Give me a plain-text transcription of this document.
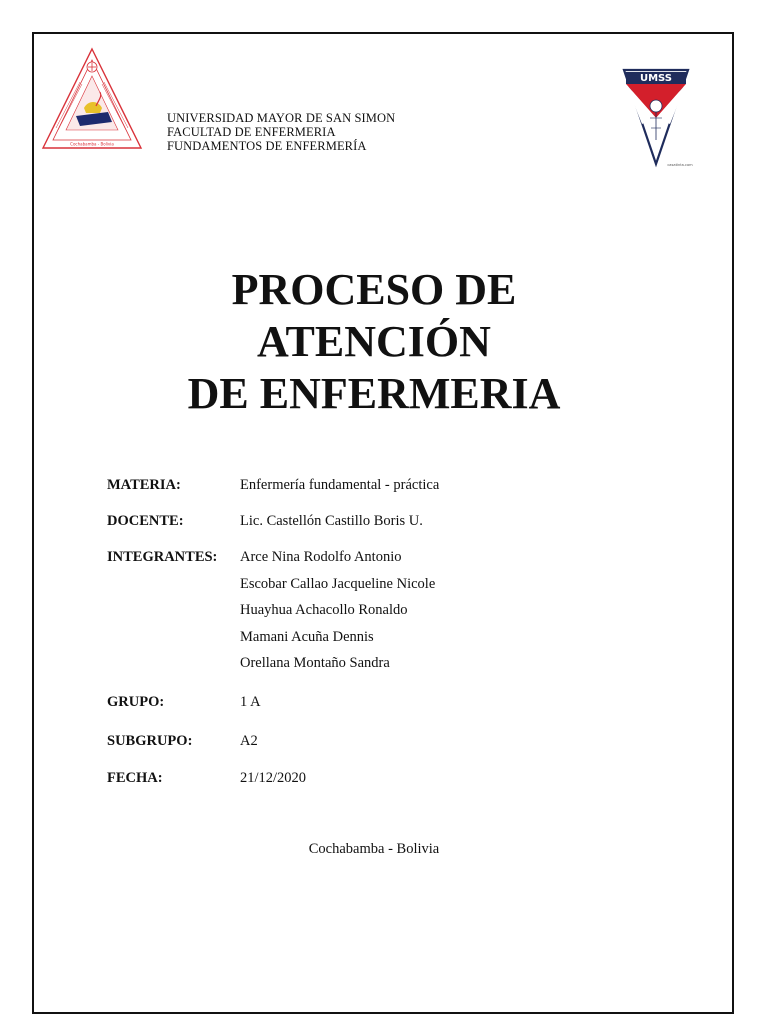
Cochabamba - Bolivia
UMSS
casatinta.com
UNIVERSIDAD MAYOR DE SAN SIMON
FACULTAD DE ENFERMERIA
FUNDAMENTOS DE ENFERMERÍA
PROCESO DE
ATENCIÓN
DE ENFERMERIA
MATERIA:	Enfermería fundamental - práctica
DOCENTE:	Lic. Castellón Castillo Boris U.
INTEGRANTES: Arce Nina Rodolfo Antonio
Escobar Callao Jacqueline Nicole
Huayhua Achacollo Ronaldo
Mamani Acuña Dennis
Orellana Montaño Sandra
GRUPO:	1 A
SUBGRUPO:	A2
FECHA:	21/12/2020
Cochabamba - Bolivia
